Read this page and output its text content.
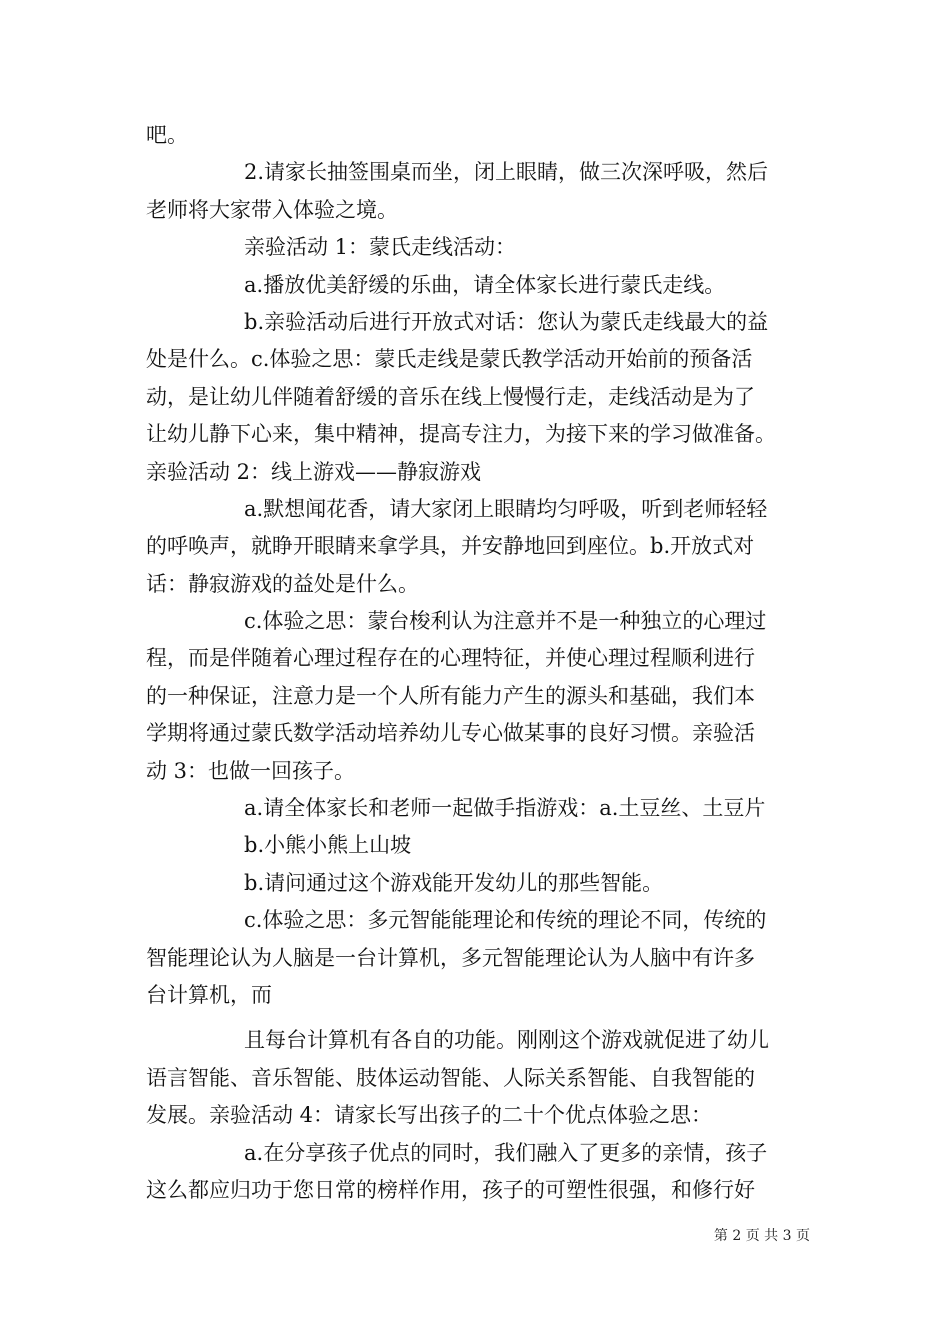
吧。
2.请家长抽签围桌而坐，闭上眼睛，做三次深呼吸，然后
老师将大家带入体验之境。
亲验活动 1：蒙氏走线活动：
a.播放优美舒缓的乐曲，请全体家长进行蒙氏走线。
b.亲验活动后进行开放式对话：您认为蒙氏走线最大的益
处是什么。c.体验之思：蒙氏走线是蒙氏教学活动开始前的预备活
动，是让幼儿伴随着舒缓的音乐在线上慢慢行走，走线活动是为了
让幼儿静下心来，集中精神，提高专注力，为接下来的学习做准备。
亲验活动 2：线上游戏——静寂游戏
a.默想闻花香，请大家闭上眼睛均匀呼吸，听到老师轻轻
的呼唤声，就睁开眼睛来拿学具，并安静地回到座位。b.开放式对
话：静寂游戏的益处是什么。
c.体验之思：蒙台梭利认为注意并不是一种独立的心理过
程，而是伴随着心理过程存在的心理特征，并使心理过程顺利进行
的一种保证，注意力是一个人所有能力产生的源头和基础，我们本
学期将通过蒙氏数学活动培养幼儿专心做某事的良好习惯。亲验活
动 3：也做一回孩子。
a.请全体家长和老师一起做手指游戏：a.土豆丝、土豆片
b.小熊小熊上山坡
b.请问通过这个游戏能开发幼儿的那些智能。
c.体验之思：多元智能能理论和传统的理论不同，传统的
智能理论认为人脑是一台计算机，多元智能理论认为人脑中有许多
台计算机，而
且每台计算机有各自的功能。刚刚这个游戏就促进了幼儿
语言智能、音乐智能、肢体运动智能、人际关系智能、自我智能的
发展。亲验活动 4：请家长写出孩子的二十个优点体验之思：
a.在分享孩子优点的同时，我们融入了更多的亲情，孩子
这么都应归功于您日常的榜样作用，孩子的可塑性很强，和修行好
第 2 页 共 3 页
